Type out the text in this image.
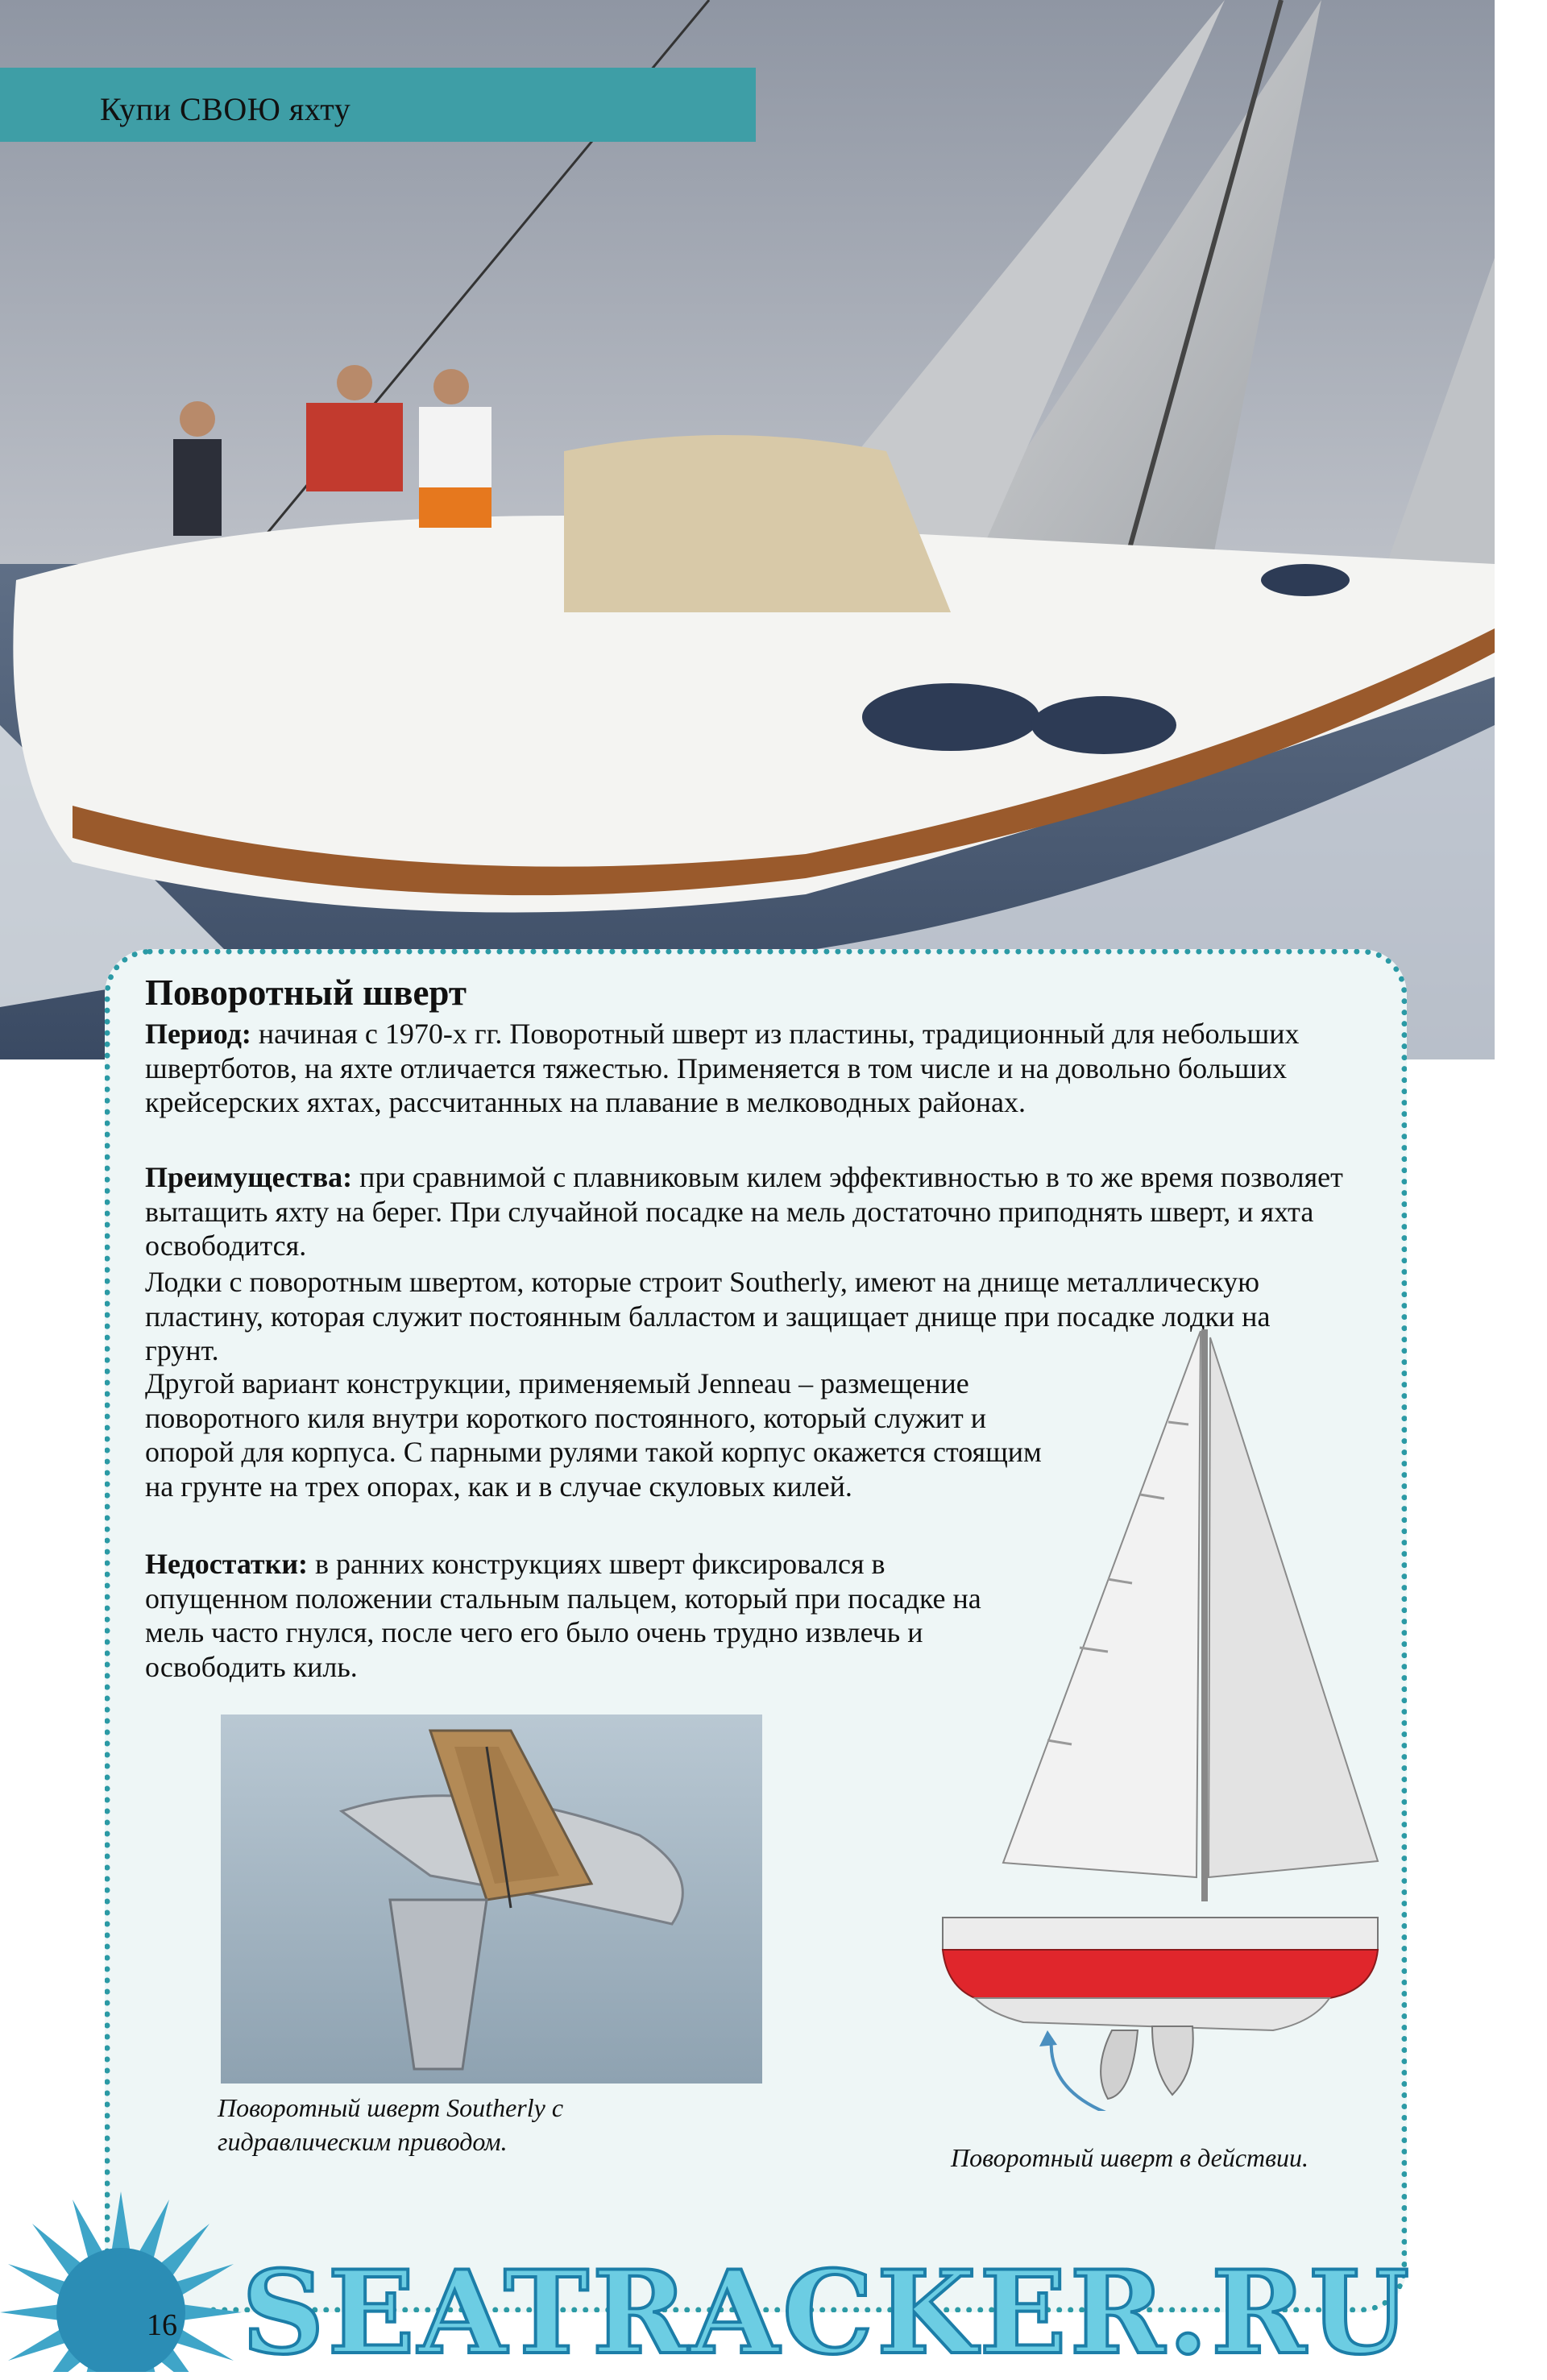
Купи СВОЮ яхту
Поворотный шверт
Период: начиная с 1970-х гг. Поворотный шверт из пластины, традиционный для небольших швертботов, на яхте отличается тяжестью. Применяется в том числе и на довольно больших крейсерских яхтах, рассчитанных на плавание в мелководных районах.
Преимущества: при сравнимой с плавниковым килем эффективностью в то же время позволяет вытащить яхту на берег. При случайной посадке на мель достаточно приподнять шверт, и яхта освободится.
Лодки с поворотным швертом, которые строит Southerly, имеют на днище металлическую пластину, которая служит постоянным балластом и защищает днище при посадке лодки на грунт.
Другой вариант конструкции, применяемый Jenneau – размещение поворотного киля внутри короткого постоянного, который служит и опорой для корпуса. С парными рулями такой корпус окажется стоящим на грунте на трех опорах, как и в случае скуловых килей.
Недостатки: в ранних конструкциях шверт фиксировался в опущенном положении стальным пальцем, который при посадке на мель часто гнулся, после чего его было очень трудно извлечь и освободить киль.
Поворотный шверт Southerly с
гидравлическим приводом.
Поворотный шверт в действии.
16 SEATRACKER.RU
